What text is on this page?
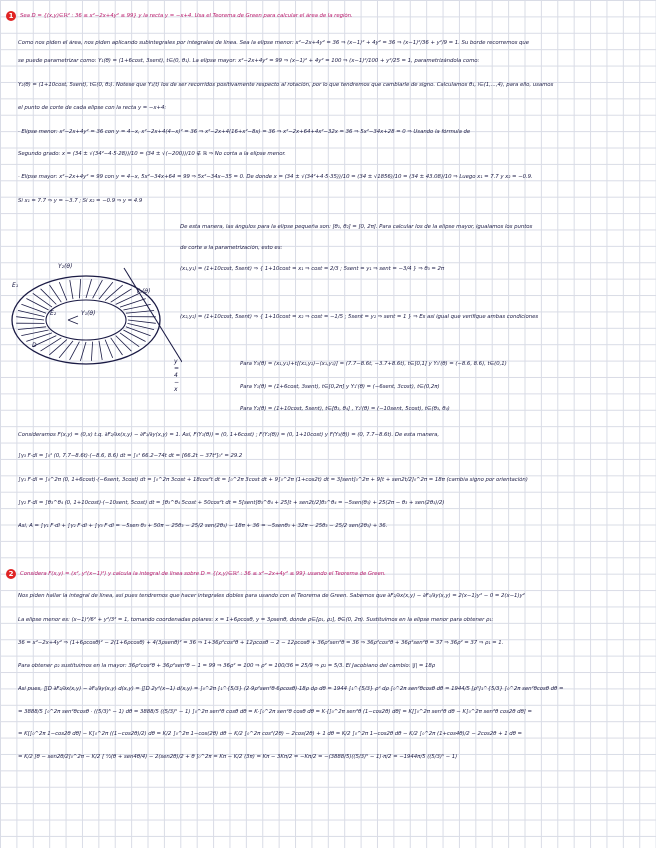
1	Sea D = {(x,y)∈ℝ² : 36 ≤ x²−2x+4y² ≤ 99} y la recta y = −x+4. Usa el Teorema de Green para calcular el área de la región.
Como nos piden el área, nos piden aplicando subintegrales por integrales de línea. Sea la elipse menor: x²−2x+4y² = 36 ⇒ (x−1)² + 4y² = 36 ⇒ (x−1)²/36 + y²/9 = 1. Su borde recorremos que
se puede parametrizar como: Y₁(θ) = (1+6cost, 3sent), t∈(0, θ₁). La elipse mayor: x²−2x+4y² = 99 ⇒ (x−1)² + 4y² = 100 ⇒ (x−1)²/100 + y²/25 = 1, parametrizándola como:
Y₂(θ) = (1+10cost, 5sent), t∈(0, θ₂). Notese que Y₁(t) los de ser recorridos positivamente respecto al rotación, por lo que tendremos que cambiarle de signo. Calculamos θ₁, i∈(1,...,4), para ello, usamos
el punto de corte de cada elipse con la recta y = −x+4:
· Elipse menor: x²−2x+4y² = 36 con y = 4−x, x²−2x+4(4−x)² = 36 ⇒ x²−2x+4(16+x²−8x) = 36 ⇒ x²−2x+64+4x²−32x = 36 ⇒ 5x²−34x+28 = 0 ⇒ Usando la fórmula de
Segundo grado: x = (34 ± √(34²−4·5·28))/10 = (34 ± √(−200))/10 ∉ ℝ ⇒ No corta a la elipse menor.
· Elipse mayor: x²−2x+4y² = 99 con y = 4−x, 5x²−34x+64 = 99 ⇒ 5x²−34x−35 = 0. De donde x = (34 ± √(34²+4·5·35))/10 = (34 ± √1856)/10 = (34 ± 43.08)/10 ⇒ Luego x₁ = 7.7 y x₂ = −0.9.
Si x₁ = 7.7 ⇒ y = −3.7 ; Si x₂ = −0.9 ⇒ y = 4.9
De esta manera, las ángulos para la elipse pequeña son: [θ₁, θ₂] = [0, 2π]. Para calcular los de la elipse mayor, igualamos los puntos
de corte a la parametrización, esto es:
(x₁,y₁) = (1+10cost, 5sent) ⇒ { 1+10cost = x₁ ⇒ cost = 2/3 ; 5sent = y₁ ⇒ sent = −3/4 } ⇒ θ₃ = 2π
(x₂,y₂) = (1+10cost, 5sent) ⇒ { 1+10cost = x₂ ⇒ cost = −1/5 ; 5sent = y₂ ⇒ sent = 1 } ⇒ Es así igual que verifique ambas condiciones
Para Y₃(θ) = (x₁,y₁)+t[(x₂,y₂)−(x₁,y₁)] = (7.7−8.6t, −3.7+8.6t), t∈[0,1] y Y₃'(θ) = (−8.6, 8.6), t∈(0,1)
Para Y₁(θ) = (1+6cost, 3sent), t∈[0,2π] y Y₁'(θ) = (−6sent, 3cost), t∈(0,2π)
Para Y₂(θ) = (1+10cost, 5sent), t∈[θ₃, θ₄] , Y₂'(θ) = (−10sent, 5cost), t∈(θ₃, θ₄)
Consideramos F(x,y) = (0,x) t.q. ∂F₂/∂x(x,y) − ∂F₁/∂y(x,y) = 1. Así, F(Y₁(θ)) = (0, 1+6cost) ; F(Y₂(θ)) = (0, 1+10cost) y F(Y₃(θ)) = (0, 7.7−8.6t). De esta manera,
∫γ₃ F·dl = ∫₀¹ (0, 7.7−8.6t)·(−8.6, 8.6) dt = ∫₀¹ 66.2−74t dt = [66.2t − 37t²]₀¹ = 29.2
∫γ₁ F·dl = ∫₀^2π (0, 1+6cost)·(−6sent, 3cost) dt = ∫₀^2π 3cost + 18cos²t dt = ∫₀^2π 3cost dt + 9∫₀^2π (1+cos2t) dt = 3[sent]₀^2π + 9[t + sen2t/2]₀^2π = 18π (cambia signo por orientación)
∫γ₂ F·dl = ∫θ₃^θ₄ (0, 1+10cost)·(−10sent, 5cost) dt = ∫θ₃^θ₄ 5cost + 50cos²t dt = 5[sent]θ₃^θ₄ + 25[t + sen2t/2]θ₃^θ₄ = −5sen(θ₃) + 25(2π − θ₃ + sen(2θ₃)/2)
Así, A = ∫γ₁ F·dl + ∫γ₂ F·dl + ∫γ₃ F·dl = −5sen θ₃ + 50π − 25θ₃ − 25/2 sen(2θ₃) − 18π + 36 = −5senθ₃ + 32π − 25θ₃ − 25/2 sen(2θ₃) + 36.
Y₂(θ)
Y₃(θ)
Y₁(θ)
E₁
E₂
D
y = 4 − x
2	Considera F(x,y) = (x², y²(x−1)²) y calcula la integral de línea sobre D = {(x,y)∈ℝ² : 36 ≤ x²−2x+4y² ≤ 99} usando el Teorema de Green.
Nos piden hallar la integral de línea, así pues tendremos que hacer integrales dobles para usando con el Teorema de Green. Sabemos que ∂F₂/∂x(x,y) − ∂F₁/∂y(x,y) = 2(x−1)y² − 0 = 2(x−1)y²
La elipse menor es: (x−1)²/6² + y²/3² = 1, tomando coordenadas polares: x = 1+6ρcosθ, y = 3ρsenθ, donde ρ∈[ρ₁, ρ₂], θ∈(0, 2π). Sustituimos en la elipse menor para obtener ρ₁:
36 = x²−2x+4y² ⇒ (1+6ρcosθ)² − 2(1+6ρcosθ) + 4(3ρsenθ)² = 36 ⇒ 1+36ρ²cos²θ + 12ρcosθ − 2 − 12ρcosθ + 36ρ²sen²θ = 36 ⇒ 36ρ²cos²θ + 36ρ²sen²θ = 37 ⇒ 36ρ² = 37 ⇒ ρ₁ = 1.
Para obtener ρ₂ sustituimos en la mayor: 36ρ²cos²θ + 36ρ²sen²θ − 1 = 99 ⇒ 36ρ² = 100 ⇒ ρ² = 100/36 = 25/9 ⇒ ρ₂ = 5/3. El Jacobiano del cambio: |J| = 18ρ
Así pues, ∬D ∂F₂/∂x(x,y) − ∂F₁/∂y(x,y) d(x,y) = ∬D 2y²(x−1) d(x,y) = ∫₀^2π ∫₁^{5/3} (2·9ρ²sen²θ·6ρcosθ)·18ρ dρ dθ = 1944 ∫₁^{5/3} ρ⁴ dρ ∫₀^2π sen²θcosθ dθ = 1944/5 [ρ⁵]₁^{5/3} ∫₀^2π sen²θcosθ dθ =
= 3888/5 ∫₀^2π sen²θcosθ · ((5/3)⁵ − 1) dθ = 3888/5 ((5/3)⁵ − 1) ∫₀^2π sen²θ cosθ dθ = K·∫₀^2π sen²θ cosθ dθ = K·[∫₀^2π sen²θ (1−cos2θ) dθ] = K[∫₀^2π sen²θ dθ − K∫₀^2π sen²θ cos2θ dθ] =
= K[∫₀^2π 1−cos2θ dθ] − K∫₀^2π ((1−cos2θ)/2) dθ = K/2 ∫₀^2π 1−cos(2θ) dθ − K/2 ∫₀^2π cos²(2θ) − 2cos(2θ) + 1 dθ = K/2 ∫₀^2π 1−cos2θ dθ − K/2 ∫₀^2π (1+cos4θ)/2 − 2cos2θ + 1 dθ =
= K/2 [θ − sen2θ/2]₀^2π − K/2 [ ½(θ + sen4θ/4) − 2(sen2θ)/2 + θ ]₀^2π = Kπ − K/2 (3π) = Kπ − 3Kπ/2 = −Kπ/2 = −(3888/5)((5/3)⁵ − 1)·π/2 = −1944π/5 ((5/3)⁵ − 1)
